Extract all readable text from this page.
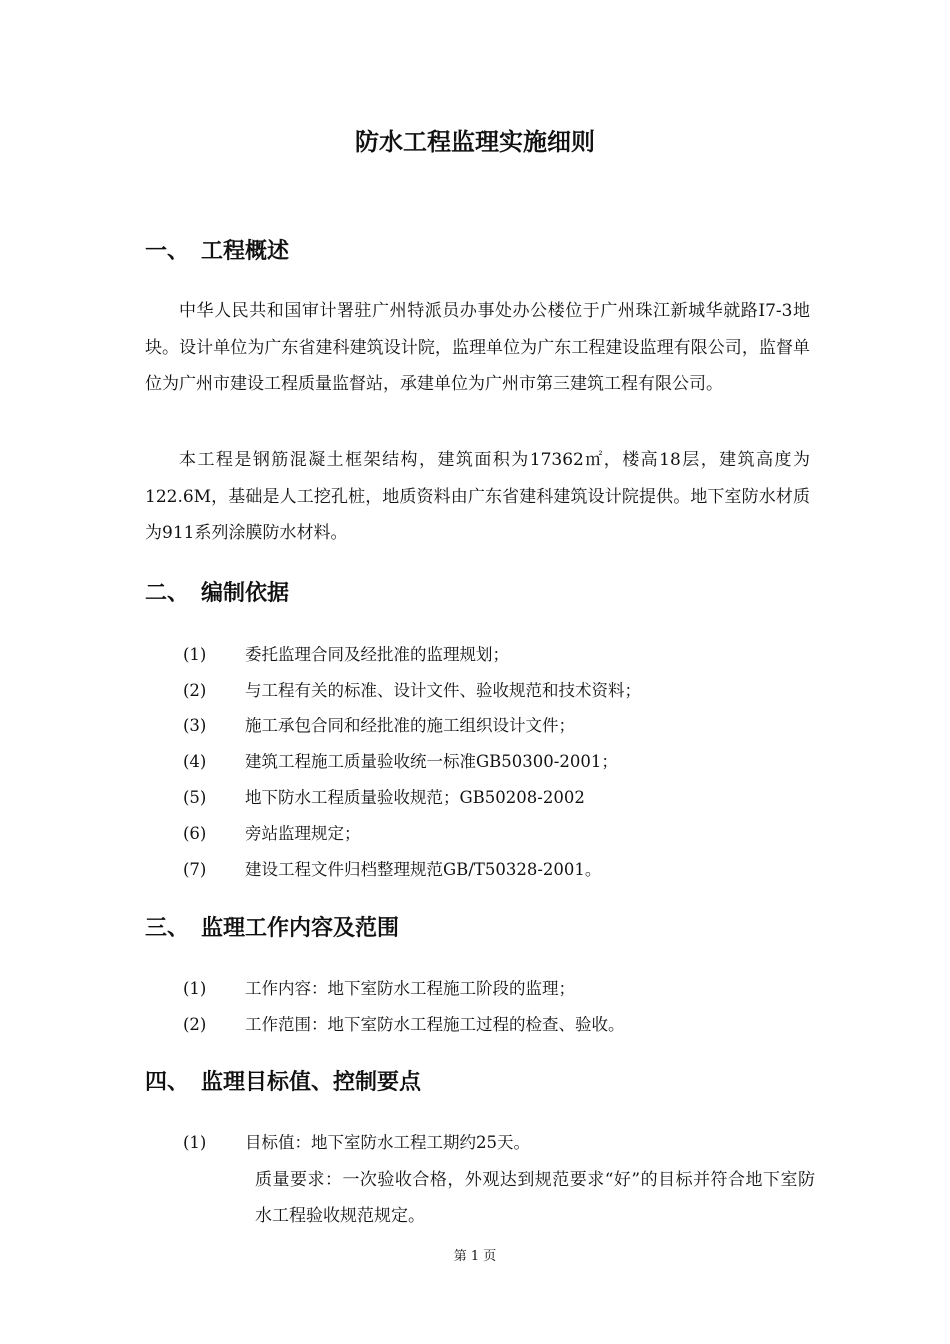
防水工程监理实施细则
一、 工程概述

中华人民共和国审计署驻广州特派员办事处办公楼位于广州珠江新城华就路I7-3地块。设计单位为广东省建科建筑设计院，监理单位为广东工程建设监理有限公司，监督单位为广州市建设工程质量监督站，承建单位为广州市第三建筑工程有限公司。

本工程是钢筋混凝土框架结构，建筑面积为17362㎡，楼高18层，建筑高度为122.6M，基础是人工挖孔桩，地质资料由广东省建科建筑设计院提供。地下室防水材质为911系列涂膜防水材料。

二、 编制依据
(1) 委托监理合同及经批准的监理规划；
(2) 与工程有关的标准、设计文件、验收规范和技术资料；
(3) 施工承包合同和经批准的施工组织设计文件；
(4) 建筑工程施工质量验收统一标准GB50300-2001；
(5) 地下防水工程质量验收规范；GB50208-2002
(6) 旁站监理规定；
(7) 建设工程文件归档整理规范GB/T50328-2001。
三、 监理工作内容及范围
(1) 工作内容：地下室防水工程施工阶段的监理；
(2) 工作范围：地下室防水工程施工过程的检查、验收。
四、 监理目标值、控制要点
(1) 目标值：地下室防水工程工期约25天。

质量要求：一次验收合格，外观达到规范要求“好”的目标并符合地下室防水工程验收规范规定。

第 1 页
